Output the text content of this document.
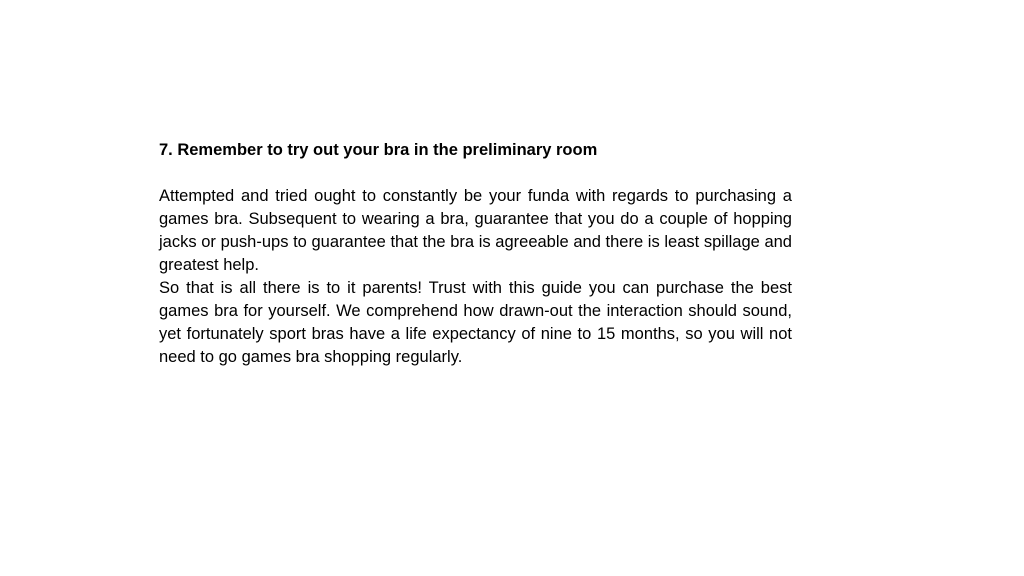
7. Remember to try out your bra in the preliminary room

Attempted and tried ought to constantly be your funda with regards to purchasing a games bra. Subsequent to wearing a bra, guarantee that you do a couple of hopping jacks or push-ups to guarantee that the bra is agreeable and there is least spillage and greatest help.

So that is all there is to it parents! Trust with this guide you can purchase the best games bra for yourself. We comprehend how drawn-out the interaction should sound, yet fortunately sport bras have a life expectancy of nine to 15 months, so you will not need to go games bra shopping regularly.
